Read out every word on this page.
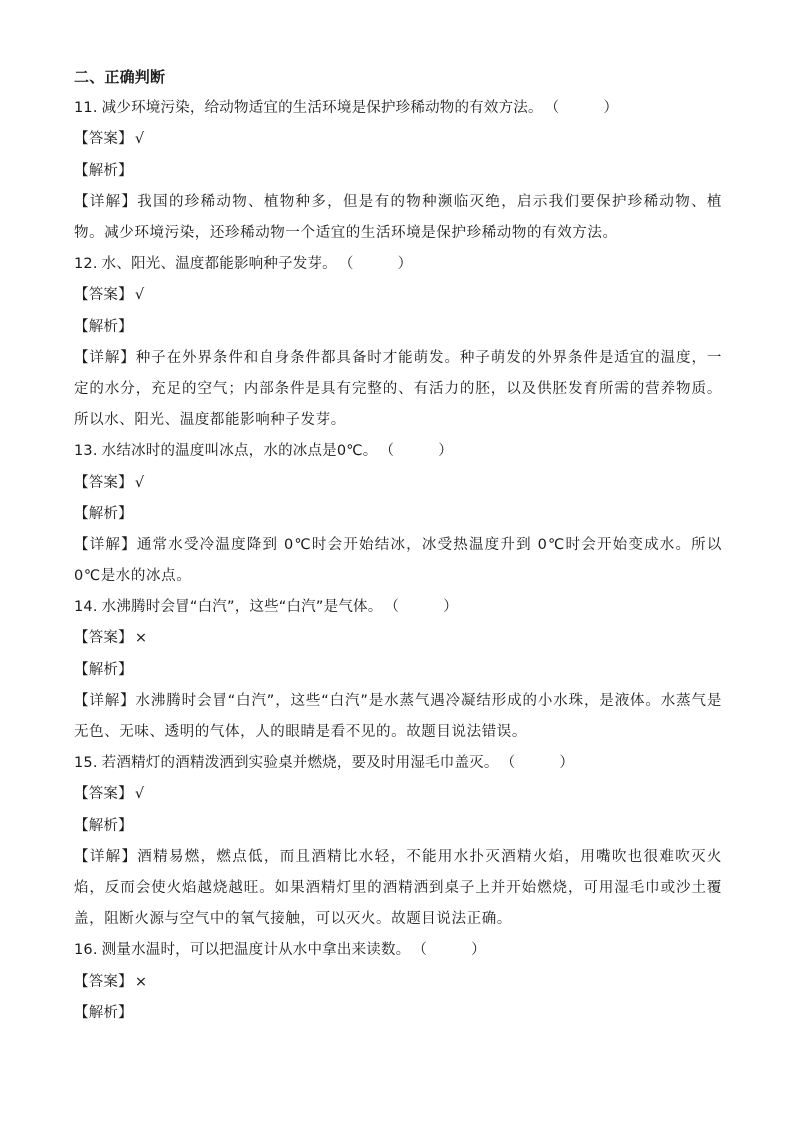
二、正确判断
11. 减少环境污染，给动物适宜的生活环境是保护珍稀动物的有效方法。 （　　　）
【答案】 √
【解析】
【详解】我国的珍稀动物、植物种多，但是有的物种濒临灭绝，启示我们要保护珍稀动物、植物。减少环境污染，还珍稀动物一个适宜的生活环境是保护珍稀动物的有效方法。
12. 水、阳光、温度都能影响种子发芽。 （　　　）
【答案】 √
【解析】
【详解】种子在外界条件和自身条件都具备时才能萌发。种子萌发的外界条件是适宜的温度，一定的水分，充足的空气；内部条件是具有完整的、有活力的胚，以及供胚发育所需的营养物质。所以水、阳光、温度都能影响种子发芽。
13. 水结冰时的温度叫冰点，水的冰点是0℃。 （　　　）
【答案】 √
【解析】
【详解】通常水受冷温度降到 0℃时会开始结冰，冰受热温度升到 0℃时会开始变成水。所以 0℃是水的冰点。
14. 水沸腾时会冒“白汽”，这些“白汽”是气体。 （　　　）
【答案】 ×
【解析】
【详解】水沸腾时会冒“白汽”，这些“白汽”是水蒸气遇冷凝结形成的小水珠，是液体。水蒸气是无色、无味、透明的气体，人的眼睛是看不见的。故题目说法错误。
15. 若酒精灯的酒精泼洒到实验桌并燃烧，要及时用湿毛巾盖灭。 （　　　）
【答案】 √
【解析】
【详解】酒精易燃，燃点低，而且酒精比水轻，不能用水扑灭酒精火焰，用嘴吹也很难吹灭火焰，反而会使火焰越烧越旺。如果酒精灯里的酒精洒到桌子上并开始燃烧，可用湿毛巾或沙土覆盖，阻断火源与空气中的氧气接触，可以灭火。故题目说法正确。
16. 测量水温时，可以把温度计从水中拿出来读数。 （　　　）
【答案】 ×
【解析】
